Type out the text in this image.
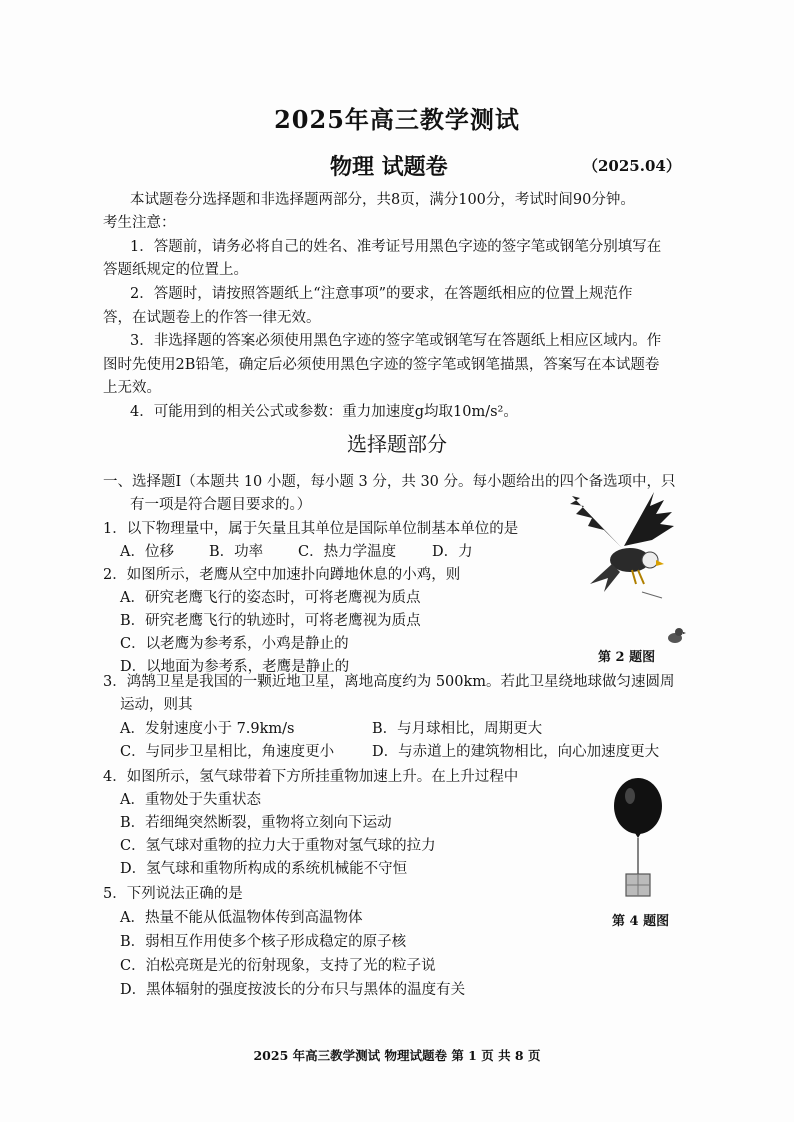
2025年高三教学测试
物理 试题卷	（2025.04）
本试题卷分选择题和非选择题两部分，共8页，满分100分，考试时间90分钟。
考生注意：
1．答题前，请务必将自己的姓名、准考证号用黑色字迹的签字笔或钢笔分别填写在
答题纸规定的位置上。
2．答题时，请按照答题纸上“注意事项”的要求，在答题纸相应的位置上规范作
答，在试题卷上的作答一律无效。
3．非选择题的答案必须使用黑色字迹的签字笔或钢笔写在答题纸上相应区域内。作
图时先使用2B铅笔，确定后必须使用黑色字迹的签字笔或钢笔描黑，答案写在本试题卷
上无效。
4．可能用到的相关公式或参数：重力加速度g均取10m/s²。
选择题部分
一、选择题Ⅰ（本题共 10 小题，每小题 3 分，共 30 分。每小题给出的四个备选项中，只
有一项是符合题目要求的。）
1．以下物理量中，属于矢量且其单位是国际单位制基本单位的是
A．位移 B．功率 C．热力学温度 D．力
2．如图所示，老鹰从空中加速扑向蹲地休息的小鸡，则
A．研究老鹰飞行的姿态时，可将老鹰视为质点
B．研究老鹰飞行的轨迹时，可将老鹰视为质点
C．以老鹰为参考系，小鸡是静止的
D．以地面为参考系，老鹰是静止的
第 2 题图
3．鸿鹄卫星是我国的一颗近地卫星，离地高度约为 500km。若此卫星绕地球做匀速圆周
运动，则其
A．发射速度小于 7.9km/s	B．与月球相比，周期更大
C．与同步卫星相比，角速度更小	D．与赤道上的建筑物相比，向心加速度更大
4．如图所示，氢气球带着下方所挂重物加速上升。在上升过程中
A．重物处于失重状态
B．若细绳突然断裂，重物将立刻向下运动
C．氢气球对重物的拉力大于重物对氢气球的拉力
D．氢气球和重物所构成的系统机械能不守恒
第 4 题图
5．下列说法正确的是
A．热量不能从低温物体传到高温物体
B．弱相互作用使多个核子形成稳定的原子核
C．泊松亮斑是光的衍射现象，支持了光的粒子说
D．黑体辐射的强度按波长的分布只与黑体的温度有关
2025 年高三教学测试 物理试题卷 第 1 页 共 8 页
